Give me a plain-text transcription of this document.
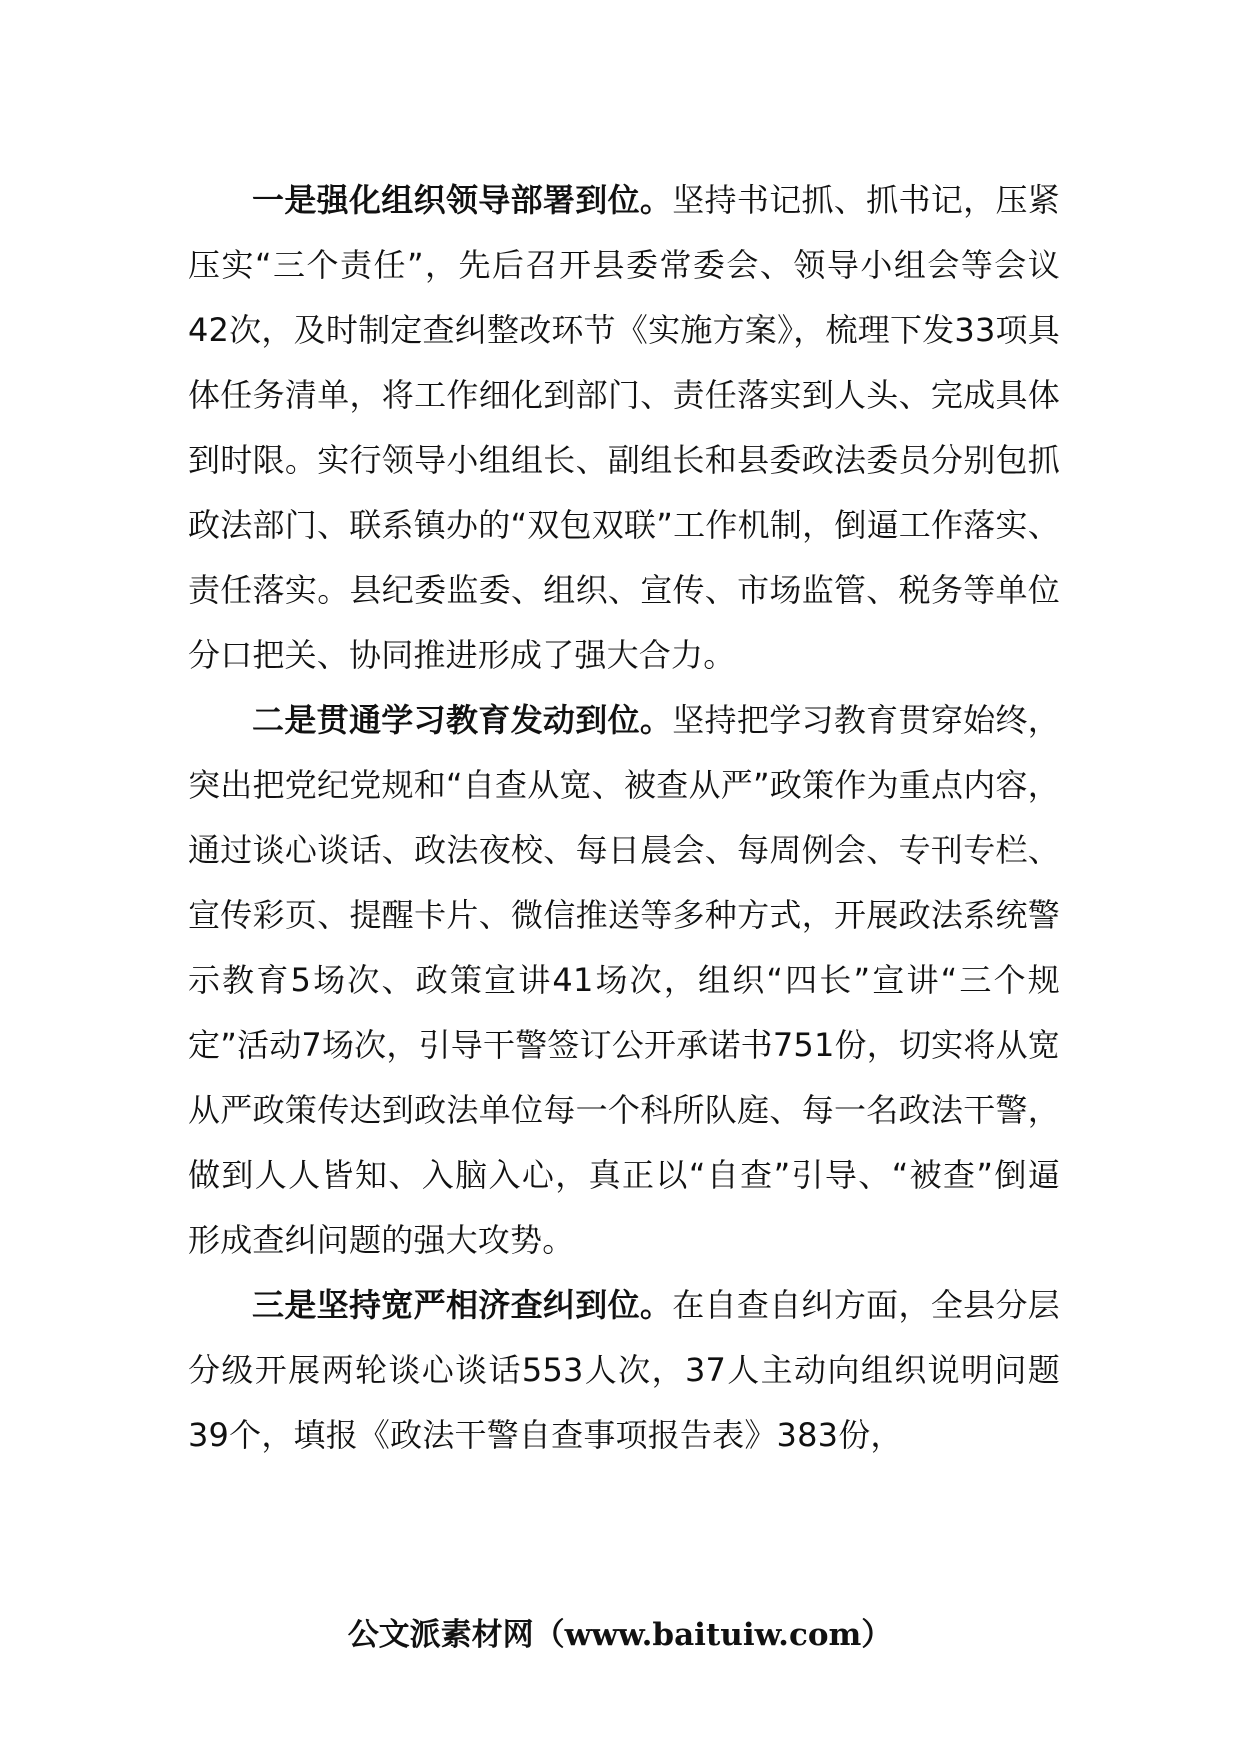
一是强化组织领导部署到位。坚持书记抓、抓书记，压紧压实“三个责任”，先后召开县委常委会、领导小组会等会议42次，及时制定查纠整改环节《实施方案》，梳理下发33项具体任务清单，将工作细化到部门、责任落实到人头、完成具体到时限。实行领导小组组长、副组长和县委政法委员分别包抓政法部门、联系镇办的“双包双联”工作机制，倒逼工作落实、责任落实。县纪委监委、组织、宣传、市场监管、税务等单位分口把关、协同推进形成了强大合力。

二是贯通学习教育发动到位。坚持把学习教育贯穿始终，突出把党纪党规和“自查从宽、被查从严”政策作为重点内容，通过谈心谈话、政法夜校、每日晨会、每周例会、专刊专栏、宣传彩页、提醒卡片、微信推送等多种方式，开展政法系统警示教育5场次、政策宣讲41场次，组织“四长”宣讲“三个规定”活动7场次，引导干警签订公开承诺书751份，切实将从宽从严政策传达到政法单位每一个科所队庭、每一名政法干警，做到人人皆知、入脑入心，真正以“自查”引导、“被查”倒逼形成查纠问题的强大攻势。

三是坚持宽严相济查纠到位。在自查自纠方面，全县分层分级开展两轮谈心谈话553人次，37人主动向组织说明问题39个，填报《政法干警自查事项报告表》383份，

公文派素材网（www.baituiw.com）
